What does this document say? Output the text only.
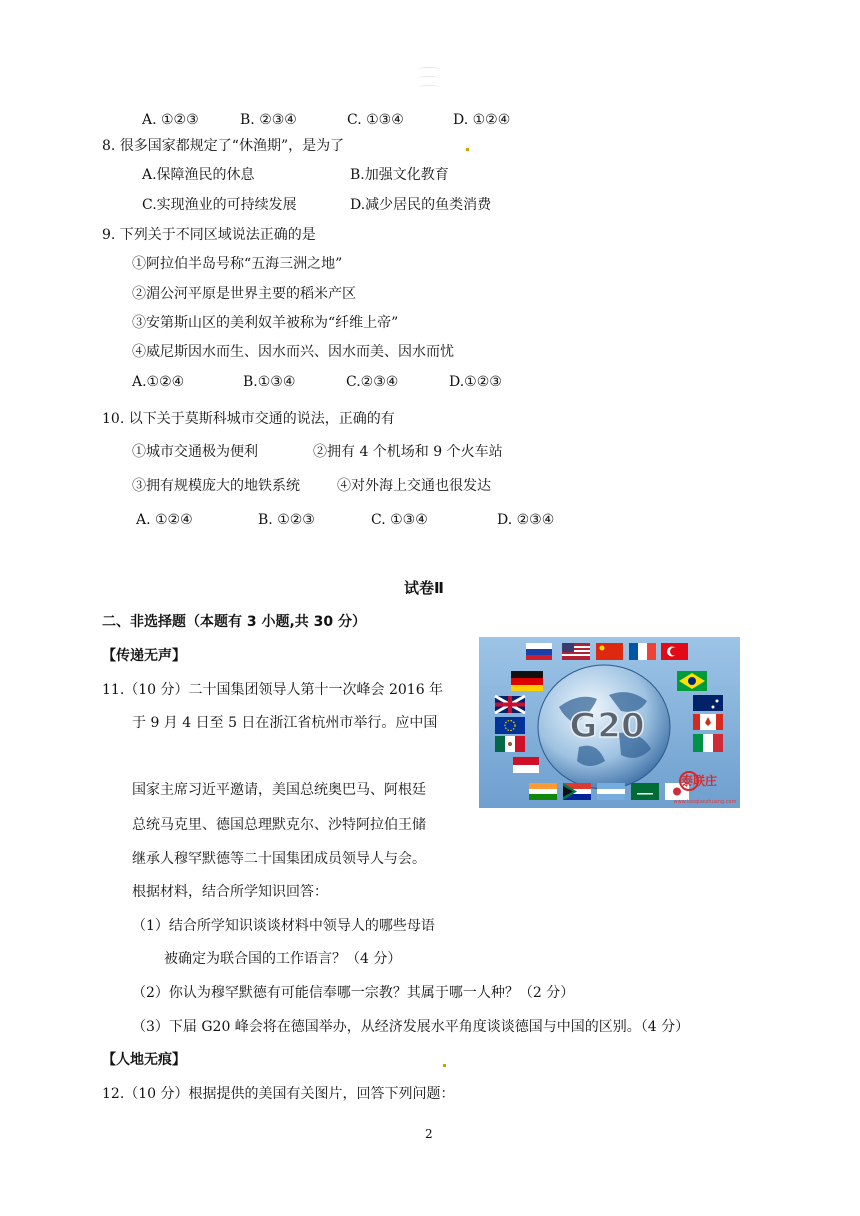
A. ①②③	B. ②③④	C. ①③④	D. ①②④
8. 很多国家都规定了“休渔期”，是为了
A.保障渔民的休息	B.加强文化教育
C.实现渔业的可持续发展	D.减少居民的鱼类消费
9. 下列关于不同区域说法正确的是
①阿拉伯半岛号称“五海三洲之地”
②湄公河平原是世界主要的稻米产区
③安第斯山区的美利奴羊被称为“纤维上帝”
④威尼斯因水而生、因水而兴、因水而美、因水而忧
A.①②④	B.①③④	C.②③④	D.①②③
10. 以下关于莫斯科城市交通的说法，正确的有
①城市交通极为便利	②拥有 4 个机场和 9 个火车站
③拥有规模庞大的地铁系统	④对外海上交通也很发达
A. ①②④	B. ①②③	C. ①③④	D. ②③④
试卷Ⅱ
二、非选择题（本题有 3 小题,共 30 分）
【传递无声】
11.（10 分）二十国集团领导人第十一次峰会 2016 年
于 9 月 4 日至 5 日在浙江省杭州市举行。应中国
国家主席习近平邀请，美国总统奥巴马、阿根廷
总统马克里、德国总理默克尔、沙特阿拉伯王储
继承人穆罕默德等二十国集团成员领导人与会。
根据材料，结合所学知识回答：
（1）结合所学知识谈谈材料中领导人的哪些母语
被确定为联合国的工作语言？（4 分）
（2）你认为穆罕默德有可能信奉哪一宗教？其属于哪一人种？（2 分）
（3）下届 G20 峰会将在德国举办，从经济发展水平角度谈谈德国与中国的区别。（4 分）
G20
泰联庄
www.taoqianzhuang.com
【人地无痕】
12.（10 分）根据提供的美国有关图片，回答下列问题：
2
